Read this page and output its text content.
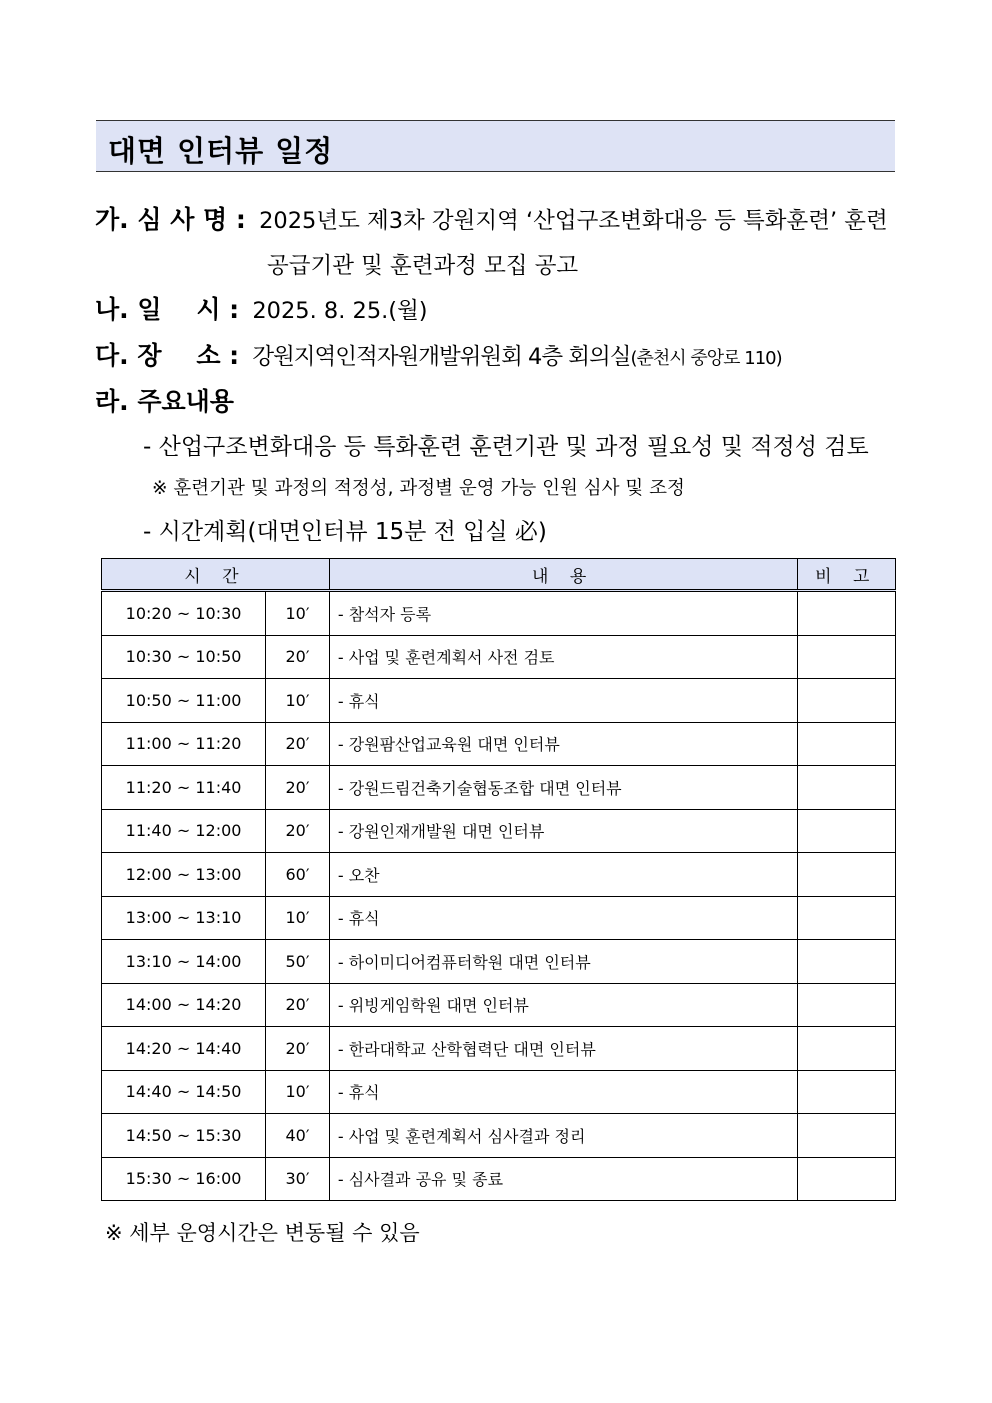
대면 인터뷰 일정
가. 심 사 명 : 2025년도 제3차 강원지역 ‘산업구조변화대응 등 특화훈련’ 훈련
공급기관 및 훈련과정 모집 공고
나. 일    시 : 2025. 8. 25.(월)
다. 장    소 : 강원지역인적자원개발위원회 4층 회의실(춘천시 중앙로 110)
라. 주요내용
- 산업구조변화대응 등 특화훈련 훈련기관 및 과정 필요성 및 적정성 검토
※ 훈련기관 및 과정의 적정성, 과정별 운영 가능 인원 심사 및 조정
- 시간계획(대면인터뷰 15분 전 입실 必)
시 간		내 용	비 고
10:20 ~ 10:30	10′	- 참석자 등록	
10:30 ~ 10:50	20′	- 사업 및 훈련계획서 사전 검토	
10:50 ~ 11:00	10′	- 휴식	
11:00 ~ 11:20	20′	- 강원팜산업교육원 대면 인터뷰	
11:20 ~ 11:40	20′	- 강원드림건축기술협동조합 대면 인터뷰	
11:40 ~ 12:00	20′	- 강원인재개발원 대면 인터뷰	
12:00 ~ 13:00	60′	- 오찬	
13:00 ~ 13:10	10′	- 휴식	
13:10 ~ 14:00	50′	- 하이미디어컴퓨터학원 대면 인터뷰	
14:00 ~ 14:20	20′	- 위빙게임학원 대면 인터뷰	
14:20 ~ 14:40	20′	- 한라대학교 산학협력단 대면 인터뷰	
14:40 ~ 14:50	10′	- 휴식	
14:50 ~ 15:30	40′	- 사업 및 훈련계획서 심사결과 정리	
15:30 ~ 16:00	30′	- 심사결과 공유 및 종료	
※ 세부 운영시간은 변동될 수 있음
